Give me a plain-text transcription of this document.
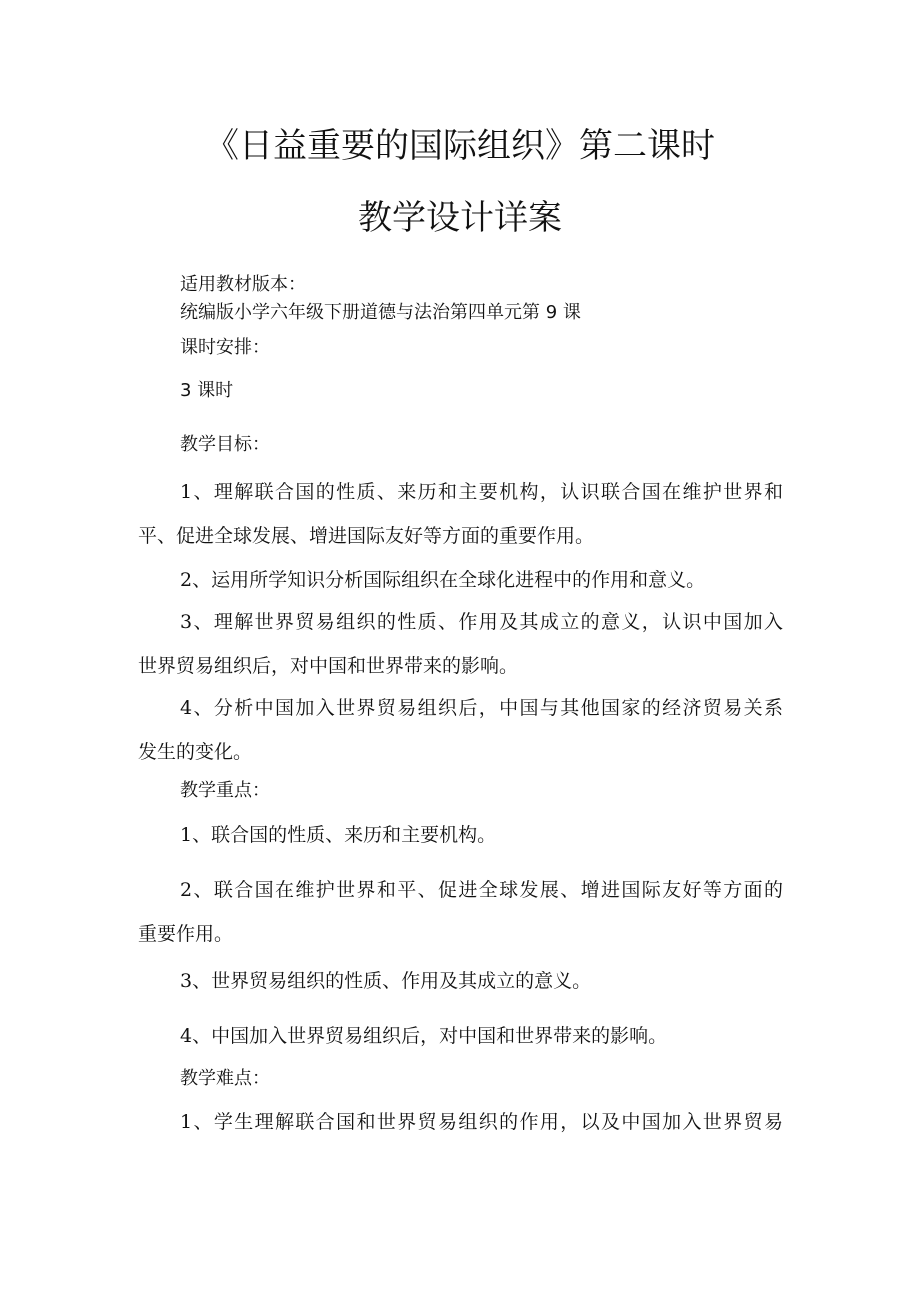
《日益重要的国际组织》第二课时
教学设计详案

适用教材版本：

统编版小学六年级下册道德与法治第四单元第 9 课

课时安排：

3 课时

教学目标：

1、理解联合国的性质、来历和主要机构，认识联合国在维护世界和

平、促进全球发展、增进国际友好等方面的重要作用。

2、运用所学知识分析国际组织在全球化进程中的作用和意义。

3、理解世界贸易组织的性质、作用及其成立的意义，认识中国加入

世界贸易组织后，对中国和世界带来的影响。

4、分析中国加入世界贸易组织后，中国与其他国家的经济贸易关系

发生的变化。

教学重点：

1、联合国的性质、来历和主要机构。

2、联合国在维护世界和平、促进全球发展、增进国际友好等方面的

重要作用。

3、世界贸易组织的性质、作用及其成立的意义。

4、中国加入世界贸易组织后，对中国和世界带来的影响。

教学难点：

1、学生理解联合国和世界贸易组织的作用，以及中国加入世界贸易
